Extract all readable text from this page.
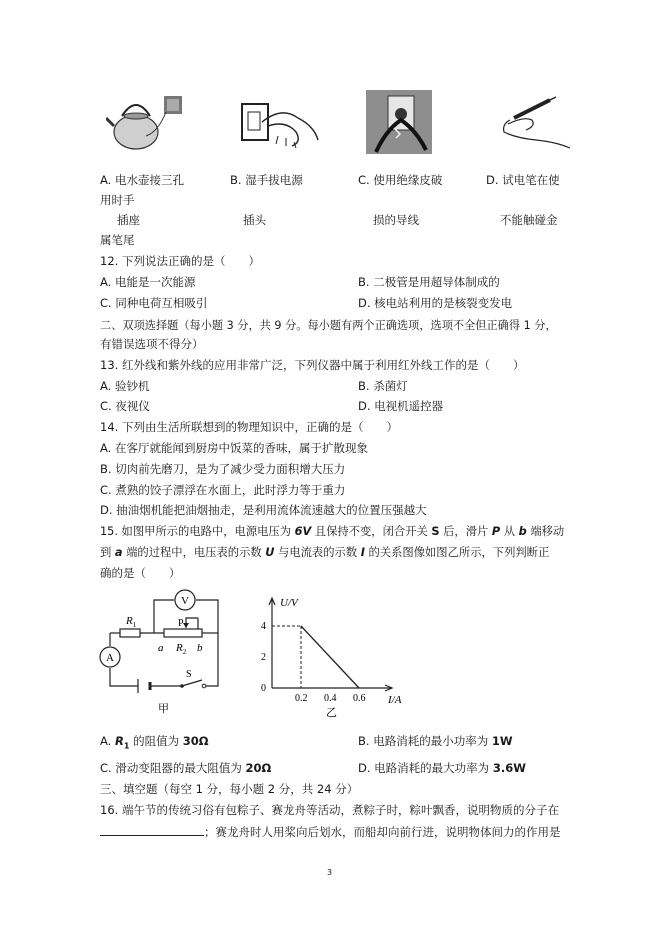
A. 电水壶接三孔	B. 湿手拔电源	C. 使用绝缘皮破	D. 试电笔在使
用时手
插座	插头	损的导线	不能触碰金
属笔尾
12. 下列说法正确的是（　　）
A. 电能是一次能源	B. 二极管是用超导体制成的
C. 同种电荷互相吸引	D. 核电站利用的是核裂变发电
二、双项选择题（每小题 3 分，共 9 分。每小题有两个正确选项，选项不全但正确得 1 分，
有错误选项不得分）
13. 红外线和紫外线的应用非常广泛，下列仪器中属于利用红外线工作的是（　　）
A. 验钞机	B. 杀菌灯
C. 夜视仪	D. 电视机遥控器
14. 下列由生活所联想到的物理知识中，正确的是（　　）
A. 在客厅就能闻到厨房中饭菜的香味，属于扩散现象
B. 切肉前先磨刀，是为了减少受力面积增大压力
C. 煮熟的饺子漂浮在水面上，此时浮力等于重力
D. 抽油烟机能把油烟抽走，是利用流体流速越大的位置压强越大
15. 如图甲所示的电路中，电源电压为 6V 且保持不变，闭合开关 S 后，滑片 P 从 b 端移动
到 a 端的过程中，电压表的示数 U 与电流表的示数 I 的关系图像如图乙所示，下列判断正
确的是（　　）
V
A
$R_1$	P
a $R_2$ b
S
甲
U/V
I/A
4
2
0
0.2 0.4 0.6
乙
A. $R_1$ 的阻值为 30Ω	B. 电路消耗的最小功率为 1W
C. 滑动变阻器的最大阻值为 20Ω	D. 电路消耗的最大功率为 3.6W
三、填空题（每空 1 分，每小题 2 分，共 24 分）
16. 端午节的传统习俗有包粽子、赛龙舟等活动，煮粽子时，粽叶飘香，说明物质的分子在
；赛龙舟时人用桨向后划水，而船却向前行进，说明物体间力的作用是
3
